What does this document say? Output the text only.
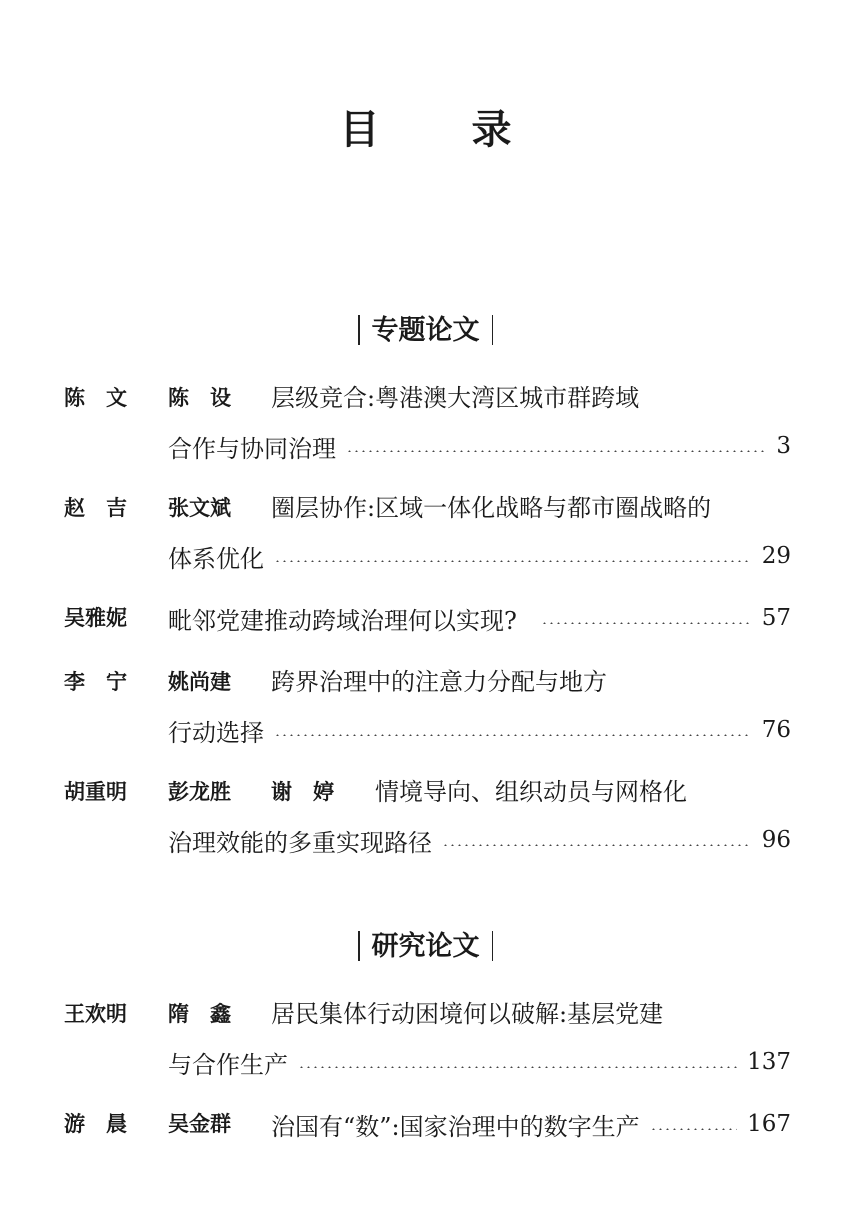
目 录
专题论文
陈　文 陈　设 层级竞合:粤港澳大湾区城市群跨域
合作与协同治理	3
赵　吉 张文斌 圈层协作:区域一体化战略与都市圈战略的
体系优化	29
吴雅妮 毗邻党建推动跨域治理何以实现?	57
李　宁 姚尚建 跨界治理中的注意力分配与地方
行动选择	76
胡重明 彭龙胜 谢　婷 情境导向、组织动员与网格化
治理效能的多重实现路径	96
研究论文
王欢明 隋　鑫 居民集体行动困境何以破解:基层党建
与合作生产	137
游　晨 吴金群 治国有“数”:国家治理中的数字生产	167
